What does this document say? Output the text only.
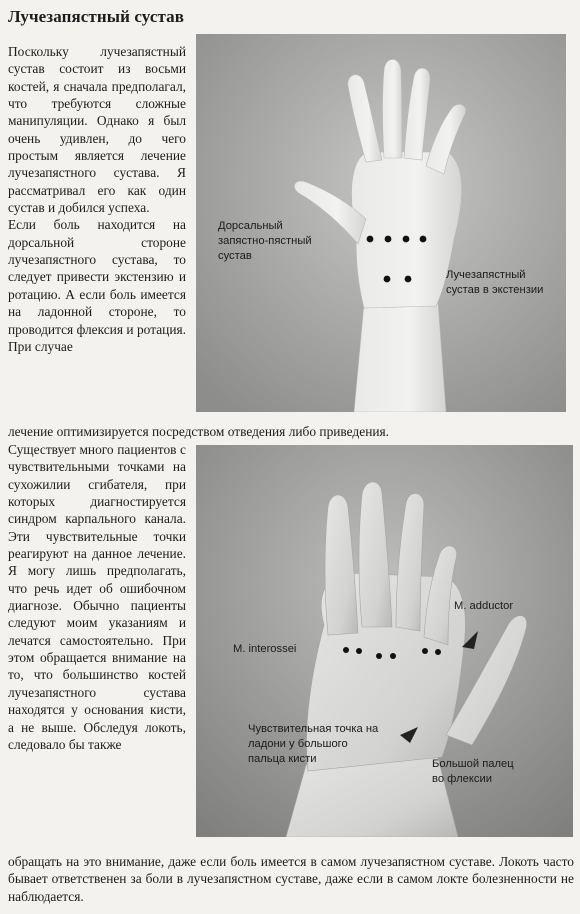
Лучезапястный сустав

Поскольку лучезапястный сустав состоит из восьми костей, я сначала предполагал, что требуются сложные манипуляции. Однако я был очень удивлен, до чего простым является лечение лучезапястного сустава. Я рассматривал его как один сустав и добился успеха.

Если боль находится на дорсальной стороне лучезапястного сустава, то следует привести экстензию и ротацию. А если боль имеется на ладонной стороне, то проводится флексия и ротация. При случае

Дорсальный
запястно-пястный
сустав
Лучезапястный
сустав в экстензии
лечение оптимизируется посредством отведения либо приведения.

Существует много пациентов с чувствительными точками на сухожилии сгибателя, при которых диагностируется синдром карпального канала. Эти чувствительные точки реагируют на данное лечение. Я могу лишь предполагать, что речь идет об ошибочном диагнозе. Обычно пациенты следуют моим указаниям и лечатся самостоятельно. При этом обращается внимание на то, что большинство костей лучезапястного сустава находятся у основания кисти, а не выше. Обследуя локоть, следовало бы также

M. adductor
M. interossei
Чувствительная точка на
ладони у большого
пальца кисти	Большой палец
во флексии
обращать на это внимание, даже если боль имеется в самом лучезапястном суставе. Локоть часто бывает ответственен за боли в лучезапястном суставе, даже если в самом локте болезненности не наблюдается.
